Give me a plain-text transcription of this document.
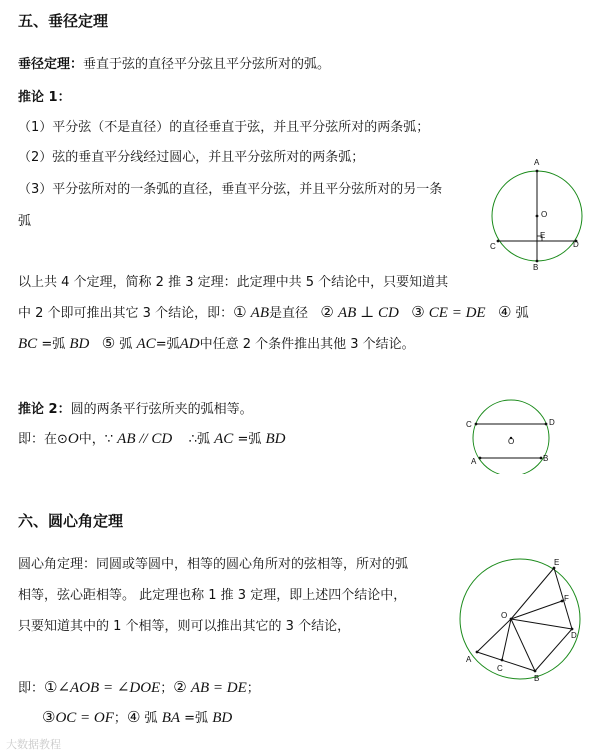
五、垂径定理
垂径定理：垂直于弦的直径平分弦且平分弦所对的弧。
推论 1：
（1）平分弦（不是直径）的直径垂直于弦，并且平分弦所对的两条弧；
（2）弦的垂直平分线经过圆心，并且平分弦所对的两条弧；
（3）平分弦所对的一条弧的直径，垂直平分弦，并且平分弦所对的另一条
弧
A
O
E
C	D
B
以上共 4 个定理，简称 2 推 3 定理：此定理中共 5 个结论中，只要知道其
中 2 个即可推出其它 3 个结论，即：① AB是直径 ② AB ⊥ CD ③ CE = DE ④ 弧
BC =弧 BD ⑤ 弧 AC=弧AD中任意 2 个条件推出其他 3 个结论。
推论 2：圆的两条平行弦所夹的弧相等。
即：在⊙O中，∵ AB // CD ∴弧 AC =弧 BD
C	D
O
A	B
六、圆心角定理
圆心角定理：同圆或等圆中，相等的圆心角所对的弦相等，所对的弧
相等，弦心距相等。 此定理也称 1 推 3 定理，即上述四个结论中，
只要知道其中的 1 个相等，则可以推出其它的 3 个结论，
即：①∠AOB = ∠DOE；② AB = DE；
③OC = OF；④ 弧 BA =弧 BD
E
F
O
D
A
C
B
大数据教程
